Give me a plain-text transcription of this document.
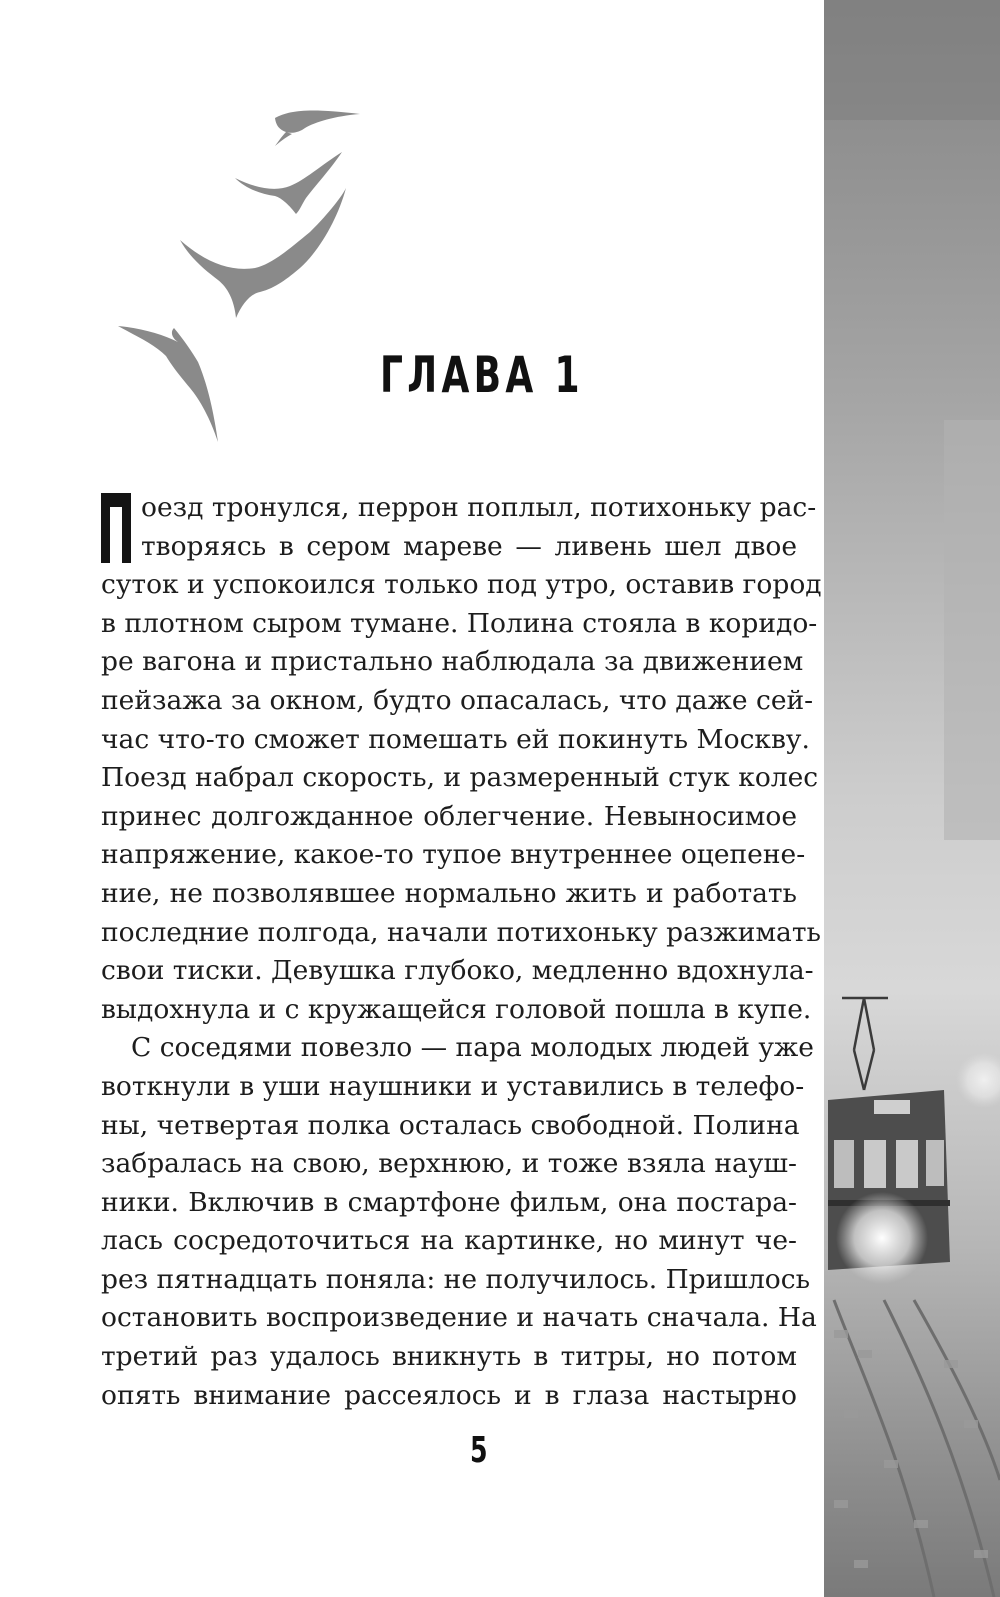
ГЛАВА 1
оезд тронулся, перрон поплыл, потихоньку рас-
творяясь в сером мареве — ливень шел двое
суток и успокоился только под утро, оставив город
в плотном сыром тумане. Полина стояла в коридо-
ре вагона и пристально наблюдала за движением
пейзажа за окном, будто опасалась, что даже сей-
час что-то сможет помешать ей покинуть Москву.
Поезд набрал скорость, и размеренный стук колес
принес долгожданное облегчение. Невыносимое
напряжение, какое-то тупое внутреннее оцепене-
ние, не позволявшее нормально жить и работать
последние полгода, начали потихоньку разжимать
свои тиски. Девушка глубоко, медленно вдохнула-
выдохнула и с кружащейся головой пошла в купе.
С соседями повезло — пара молодых людей уже
воткнули в уши наушники и уставились в телефо-
ны, четвертая полка осталась свободной. Полина
забралась на свою, верхнюю, и тоже взяла науш-
ники. Включив в смартфоне фильм, она постара-
лась сосредоточиться на картинке, но минут че-
рез пятнадцать поняла: не получилось. Пришлось
остановить воспроизведение и начать сначала. На
третий раз удалось вникнуть в титры, но потом
опять внимание рассеялось и в глаза настырно
5
